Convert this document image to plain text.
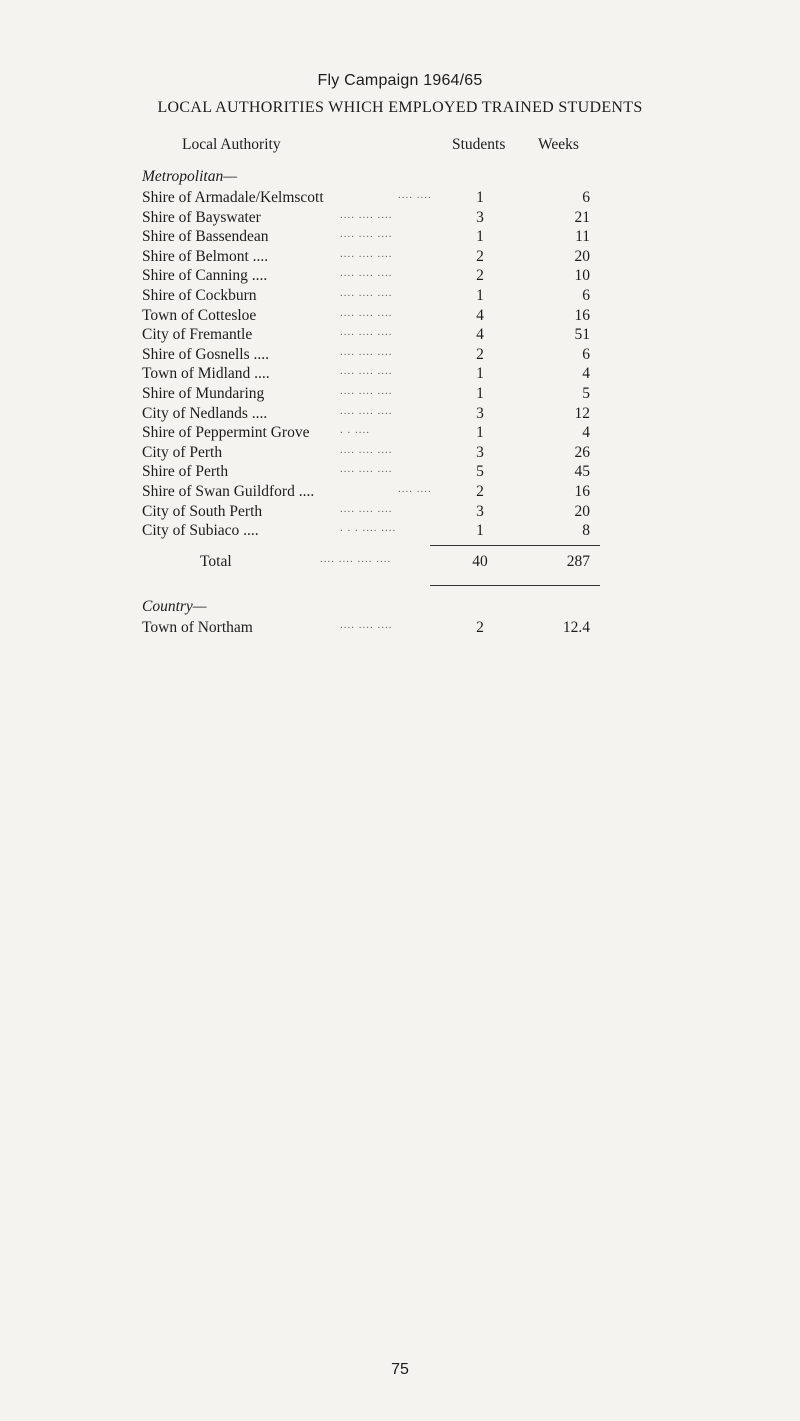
Fly Campaign 1964/65
LOCAL AUTHORITIES WHICH EMPLOYED TRAINED STUDENTS
Local Authority	Students Weeks
Metropolitan—
Shire of Armadale/Kelmscott	.... ....	1	6
Shire of Bayswater	.... .... ....	3	21
Shire of Bassendean	.... .... ....	1	11
Shire of Belmont ....	.... .... ....	2	20
Shire of Canning ....	.... .... ....	2	10
Shire of Cockburn	.... .... ....	1	6
Town of Cottesloe	.... .... ....	4	16
City of Fremantle	.... .... ....	4	51
Shire of Gosnells ....	.... .... ....	2	6
Town of Midland ....	.... .... ....	1	4
Shire of Mundaring	.... .... ....	1	5
City of Nedlands ....	.... .... ....	3	12
Shire of Peppermint Grove	. . ....	1	4
City of Perth	.... .... ....	3	26
Shire of Perth	.... .... ....	5	45
Shire of Swan Guildford ....	.... ....	2	16
City of South Perth	.... .... ....	3	20
City of Subiaco ....	. . . .... ....	1	8
Total	.... .... .... ....	40	287
Country—
Town of Northam	.... .... ....	2	12.4
75
